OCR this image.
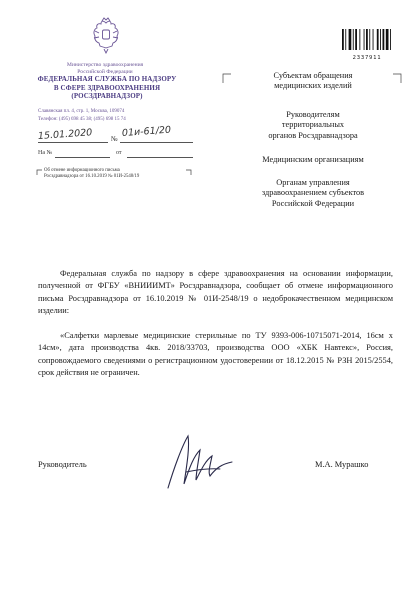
Министерство здравоохранения
Российской Федерации
ФЕДЕРАЛЬНАЯ СЛУЖБА ПО НАДЗОРУ
В СФЕРЕ ЗДРАВООХРАНЕНИЯ
(РОСЗДРАВНАДЗОР)
Славянская пл. 4, стр. 1, Москва, 109074
Телефон: (495) 698 45 38; (495) 698 15 74
2337911
15.01.2020	№
01и-61/20
На №	от
Об отмене информационного письма
Росздравнадзора от 16.10.2019 № 01И-2548/19
Субъектам обращения
медицинских изделий
Руководителям
территориальных
органов Росздравнадзора
Медицинским организациям
Органам управления
здравоохранением субъектов
Российской Федерации
Федеральная служба по надзору в сфере здравоохранения на основании информации, полученной от ФГБУ «ВНИИИМТ» Росздравнадзора, сообщает об отмене информационного письма Росздравнадзора от 16.10.2019 № 01И-2548/19 о недоброкачественном медицинском изделии:
«Салфетки марлевые медицинские стерильные по ТУ 9393-006-10715071-2014, 16см х 14см», дата производства 4кв. 2018/33703, производства ООО «ХБК Навтекс», Россия, сопровождаемого сведениями о регистрационном удостоверении от 18.12.2015 № РЗН 2015/2554, срок действия не ограничен.
Руководитель	М.А. Мурашко
